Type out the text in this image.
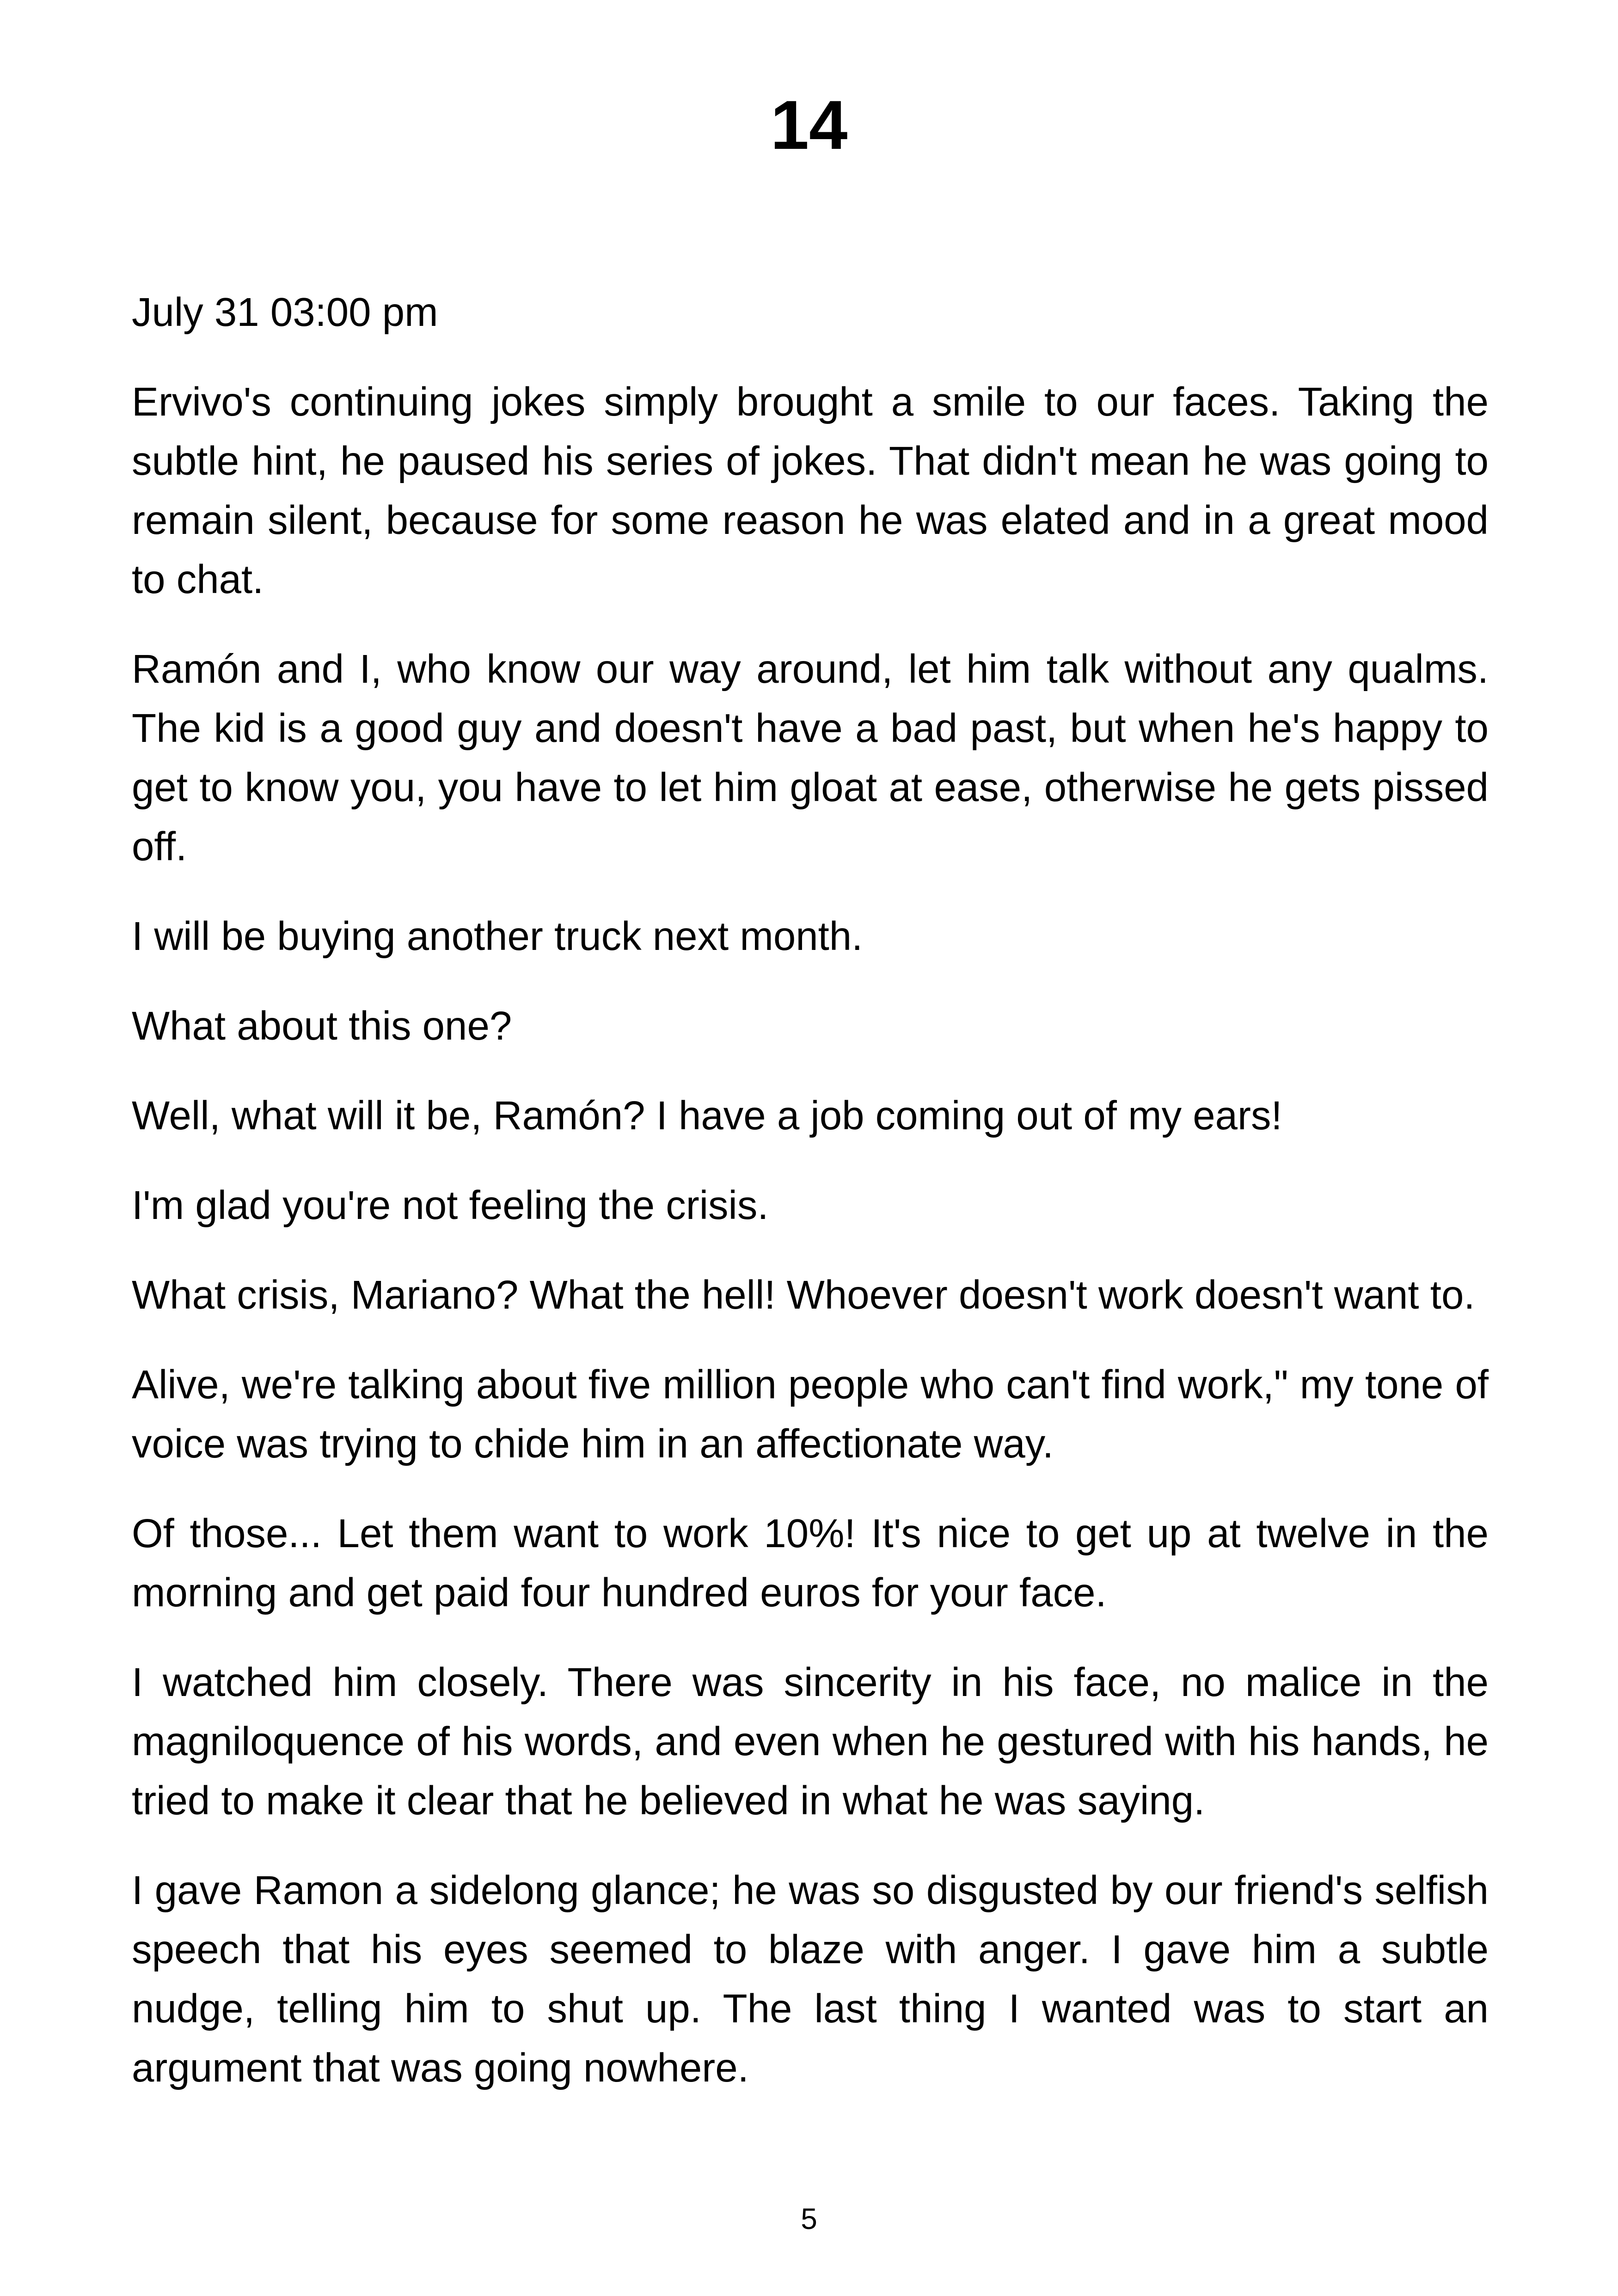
14

July 31 03:00 pm

Ervivo's continuing jokes simply brought a smile to our faces. Taking the subtle hint, he paused his series of jokes. That didn't mean he was going to remain silent, because for some reason he was elated and in a great mood to chat.

Ramón and I, who know our way around, let him talk without any qualms. The kid is a good guy and doesn't have a bad past, but when he's happy to get to know you, you have to let him gloat at ease, otherwise he gets pissed off.

I will be buying another truck next month.

What about this one?

Well, what will it be, Ramón? I have a job coming out of my ears!

I'm glad you're not feeling the crisis.

What crisis, Mariano? What the hell! Whoever doesn't work doesn't want to.

Alive, we're talking about five million people who can't find work," my tone of voice was trying to chide him in an affectionate way.

Of those... Let them want to work 10%! It's nice to get up at twelve in the morning and get paid four hundred euros for your face.

I watched him closely. There was sincerity in his face, no malice in the magniloquence of his words, and even when he gestured with his hands, he tried to make it clear that he believed in what he was saying.

I gave Ramon a sidelong glance; he was so disgusted by our friend's selfish speech that his eyes seemed to blaze with anger. I gave him a subtle nudge, telling him to shut up. The last thing I wanted was to start an argument that was going nowhere.

5
